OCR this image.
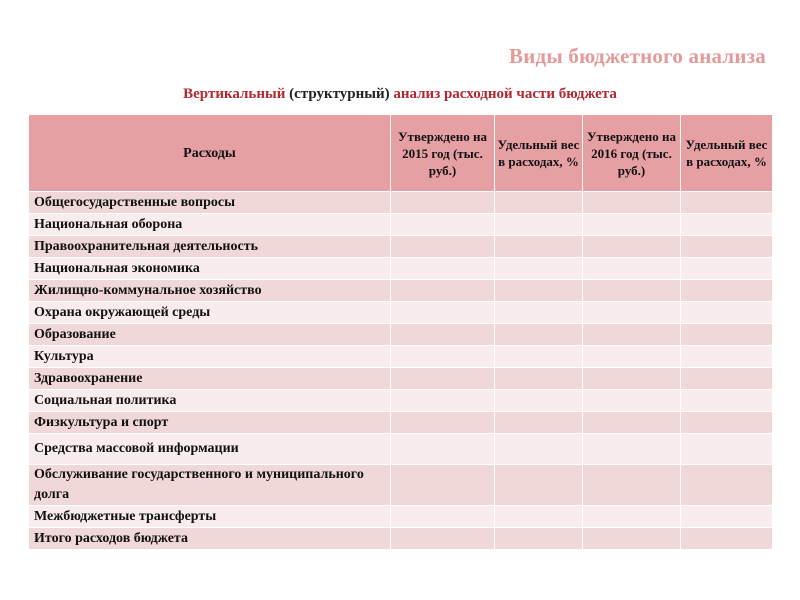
Виды бюджетного анализа
Вертикальный (структурный) анализ расходной части бюджета
Расходы	Утверждено на 2015 год (тыс. руб.)	Удельный вес в расходах, %	Утверждено на 2016 год (тыс. руб.)	Удельный вес в расходах, %
Общегосударственные вопросы				
Национальная оборона				
Правоохранительная деятельность				
Национальная экономика				
Жилищно-коммунальное хозяйство				
Охрана окружающей среды				
Образование				
Культура				
Здравоохранение				
Социальная политика				
Физкультура и спорт				
Средства массовой информации				
Обслуживание государственного и муниципального долга				
Межбюджетные трансферты				
Итого расходов бюджета				
